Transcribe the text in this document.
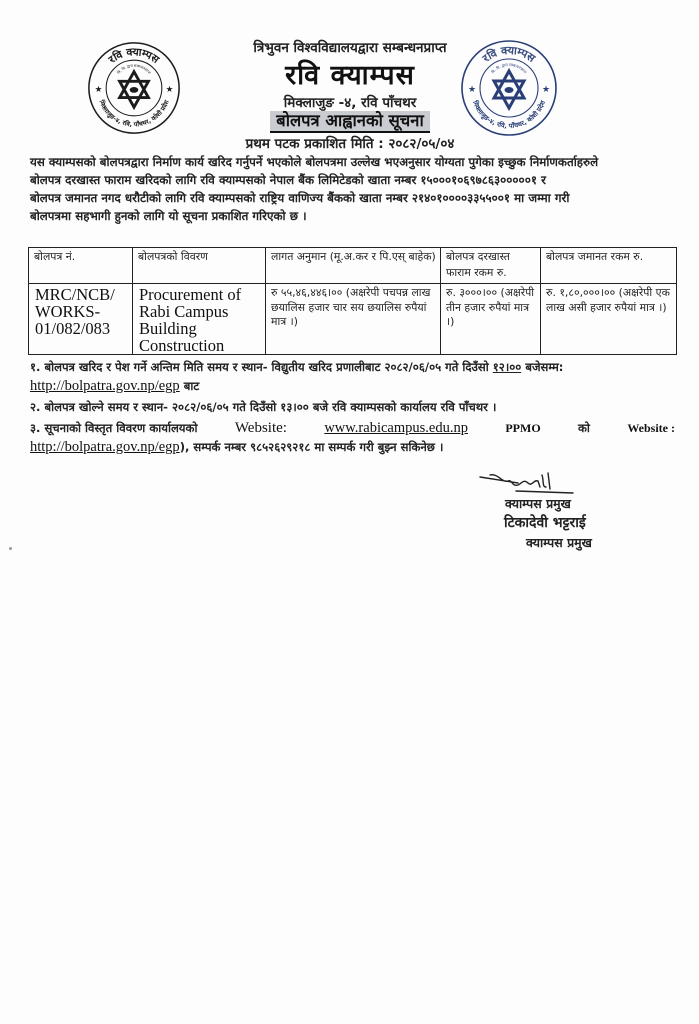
रवि क्याम्पस
मिक्लाजुङ-४, रवि, पाँचथर, कोशी प्रदेश
त्रि. वि. द्वारा सम्बन्धनप्राप्त
★	★
रवि क्याम्पस
मिक्लाजुङ-४, रवि, पाँचथर, कोशी प्रदेश
त्रि. वि. द्वारा सम्बन्धनप्राप्त
★	★
त्रिभुवन विश्वविद्यालयद्वारा सम्बन्धनप्राप्त
रवि क्याम्पस
मिक्लाजुङ -४, रवि पाँचथर
बोलपत्र आह्वानको सूचना
प्रथम पटक प्रकाशित मिति : २०८२/०५/०४
यस क्याम्पसको बोलपत्रद्वारा निर्माण कार्य खरिद गर्नुपर्ने भएकोले बोलपत्रमा उल्लेख भएअनुसार योग्यता पुगेका इच्छुक निर्माणकर्ताहरुले
बोलपत्र दरखास्त फाराम खरिदको लागि रवि क्याम्पसको नेपाल बैंक लिमिटेडको खाता नम्बर १५०००१०६९७८६३०००००१ र
बोलपत्र जमानत नगद धरौटीको लागि रवि क्याम्पसको राष्ट्रिय वाणिज्य बैंकको खाता नम्बर २१४०१००००३३५५००१ मा जम्मा गरी
बोलपत्रमा सहभागी हुनको लागि यो सूचना प्रकाशित गरिएको छ ।
बोलपत्र नं.	बोलपत्रको विवरण	लागत अनुमान (मू.अ.कर र पि.एस् बाहेक)	बोलपत्र दरखास्त फाराम रकम रु.	बोलपत्र जमानत रकम रु.
MRC/NCB/ WORKS- 01/082/083	Procurement of Rabi Campus Building Construction	रु ५५,४६,४४६।०० (अक्षरेपी पचपन्न लाख छयालिस हजार चार सय छयालिस रुपैयां मात्र ।)	रु. ३०००।०० (अक्षरेपी तीन हजार रुपैयां मात्र ।)	रु. १,८०,०००।०० (अक्षरेपी एक लाख असी हजार रुपैयां मात्र ।)
१. बोलपत्र खरिद र पेश गर्ने अन्तिम मिति समय र स्थान- विद्युतीय खरिद प्रणालीबाट २०८२/०६/०५ गते दिउँसो १२।०० बजेसम्म:
http://bolpatra.gov.np/egp बाट
२. बोलपत्र खोल्ने समय र स्थान- २०८२/०६/०५ गते दिउँसो १३।०० बजे रवि क्याम्पसको कार्यालय रवि पाँचथर ।
३. सूचनाको विस्तृत विवरण कार्यालयको Website:	www.rabicampus.edu.np	PPMO	को	Website :
http://bolpatra.gov.np/egp), सम्पर्क नम्बर ९८५२६२९२१८ मा सम्पर्क गरी बुझ्न सकिनेछ ।
क्याम्पस प्रमुख
टिकादेवी भट्टराई
क्याम्पस प्रमुख
